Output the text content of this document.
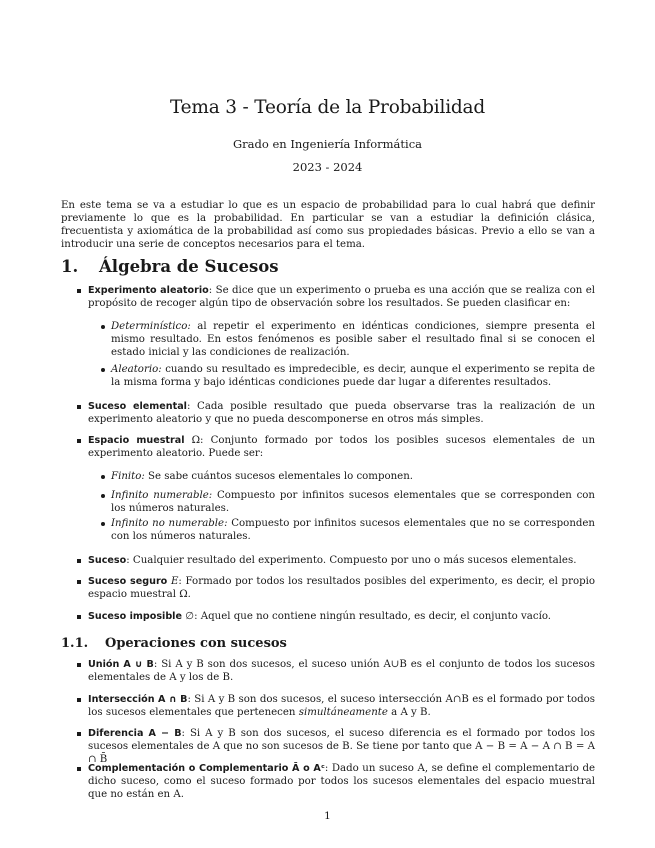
Tema 3 - Teoría de la Probabilidad
Grado en Ingeniería Informática
2023 - 2024
En este tema se va a estudiar lo que es un espacio de probabilidad para lo cual habrá que definir previamente lo que es la probabilidad. En particular se van a estudiar la definición clásica, frecuentista y axiomática de la probabilidad así como sus propiedades básicas. Previo a ello se van a introducir una serie de conceptos necesarios para el tema.
1. Álgebra de Sucesos
Experimento aleatorio: Se dice que un experimento o prueba es una acción que se realiza con el propósito de recoger algún tipo de observación sobre los resultados. Se pueden clasificar en:
Determinístico: al repetir el experimento en idénticas condiciones, siempre presenta el mismo resultado. En estos fenómenos es posible saber el resultado final si se conocen el estado inicial y las condiciones de realización.
Aleatorio: cuando su resultado es impredecible, es decir, aunque el experimento se repita de la misma forma y bajo idénticas condiciones puede dar lugar a diferentes resultados.
Suceso elemental: Cada posible resultado que pueda observarse tras la realización de un experimento aleatorio y que no pueda descomponerse en otros más simples.
Espacio muestral Ω: Conjunto formado por todos los posibles sucesos elementales de un experimento aleatorio. Puede ser:
Finito: Se sabe cuántos sucesos elementales lo componen.
Infinito numerable: Compuesto por infinitos sucesos elementales que se corresponden con los números naturales.
Infinito no numerable: Compuesto por infinitos sucesos elementales que no se corresponden con los números naturales.
Suceso: Cualquier resultado del experimento. Compuesto por uno o más sucesos elementales.
Suceso seguro E: Formado por todos los resultados posibles del experimento, es decir, el propio espacio muestral Ω.
Suceso imposible ∅: Aquel que no contiene ningún resultado, es decir, el conjunto vacío.
1.1. Operaciones con sucesos
Unión A ∪ B: Si A y B son dos sucesos, el suceso unión A∪B es el conjunto de todos los sucesos elementales de A y los de B.
Intersección A ∩ B: Si A y B son dos sucesos, el suceso intersección A∩B es el formado por todos los sucesos elementales que pertenecen simultáneamente a A y B.
Diferencia A − B: Si A y B son dos sucesos, el suceso diferencia es el formado por todos los sucesos elementales de A que no son sucesos de B. Se tiene por tanto que A − B = A − A ∩ B = A ∩ B̄
Complementación o Complementario Ā o Aᶜ: Dado un suceso A, se define el complementario de dicho suceso, como el suceso formado por todos los sucesos elementales del espacio muestral que no están en A.
1
